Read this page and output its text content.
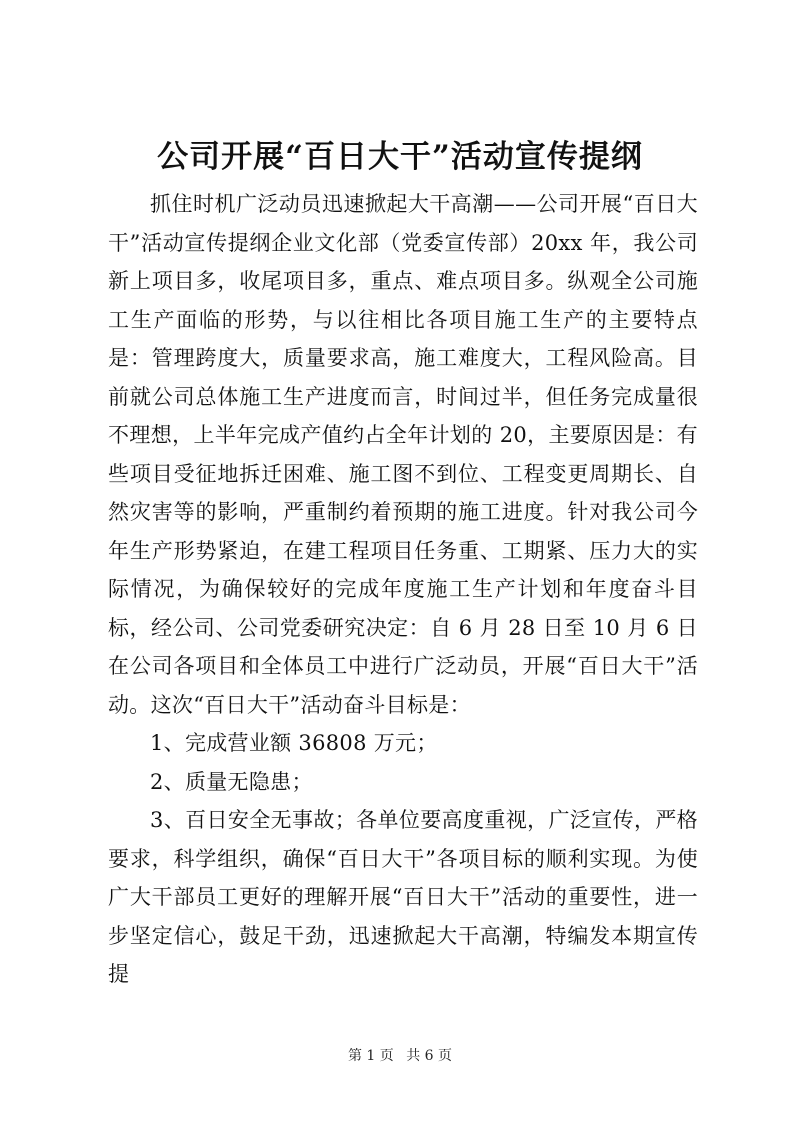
公司开展“百日大干”活动宣传提纲

抓住时机广泛动员迅速掀起大干高潮——公司开展“百日大干”活动宣传提纲企业文化部（党委宣传部）20xx 年，我公司新上项目多，收尾项目多，重点、难点项目多。纵观全公司施工生产面临的形势，与以往相比各项目施工生产的主要特点是：管理跨度大，质量要求高，施工难度大，工程风险高。目前就公司总体施工生产进度而言，时间过半，但任务完成量很不理想，上半年完成产值约占全年计划的 20，主要原因是：有些项目受征地拆迁困难、施工图不到位、工程变更周期长、自然灾害等的影响，严重制约着预期的施工进度。针对我公司今年生产形势紧迫，在建工程项目任务重、工期紧、压力大的实际情况，为确保较好的完成年度施工生产计划和年度奋斗目标，经公司、公司党委研究决定：自 6 月 28 日至 10 月 6 日在公司各项目和全体员工中进行广泛动员，开展“百日大干”活动。这次“百日大干”活动奋斗目标是：

1、完成营业额 36808 万元；

2、质量无隐患；

3、百日安全无事故；各单位要高度重视，广泛宣传，严格要求，科学组织，确保“百日大干”各项目标的顺利实现。为使广大干部员工更好的理解开展“百日大干”活动的重要性，进一步坚定信心，鼓足干劲，迅速掀起大干高潮，特编发本期宣传提

第 1 页 共 6 页
